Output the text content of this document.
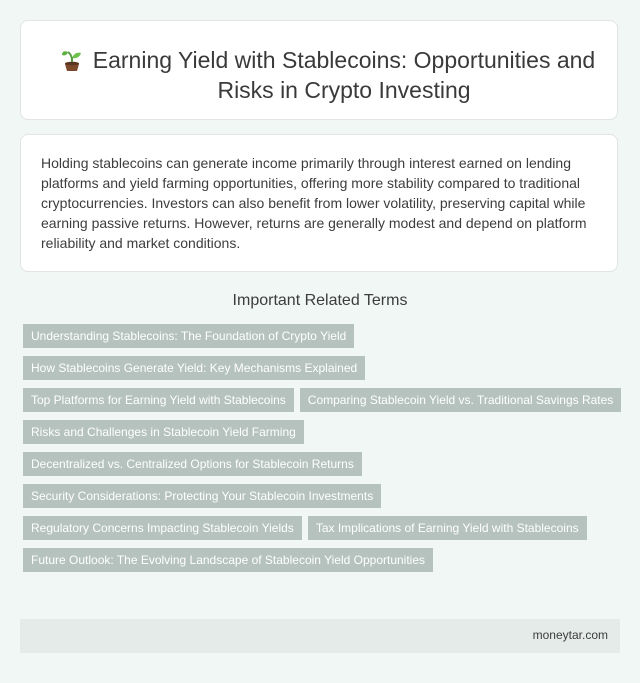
Earning Yield with Stablecoins: Opportunities and Risks in Crypto Investing

Holding stablecoins can generate income primarily through interest earned on lending platforms and yield farming opportunities, offering more stability compared to traditional cryptocurrencies. Investors can also benefit from lower volatility, preserving capital while earning passive returns. However, returns are generally modest and depend on platform reliability and market conditions.

Important Related Terms
Understanding Stablecoins: The Foundation of Crypto Yield
How Stablecoins Generate Yield: Key Mechanisms Explained
Top Platforms for Earning Yield with Stablecoins	Comparing Stablecoin Yield vs. Traditional Savings Rates
Risks and Challenges in Stablecoin Yield Farming
Decentralized vs. Centralized Options for Stablecoin Returns
Security Considerations: Protecting Your Stablecoin Investments
Regulatory Concerns Impacting Stablecoin Yields	Tax Implications of Earning Yield with Stablecoins
Future Outlook: The Evolving Landscape of Stablecoin Yield Opportunities
moneytar.com
